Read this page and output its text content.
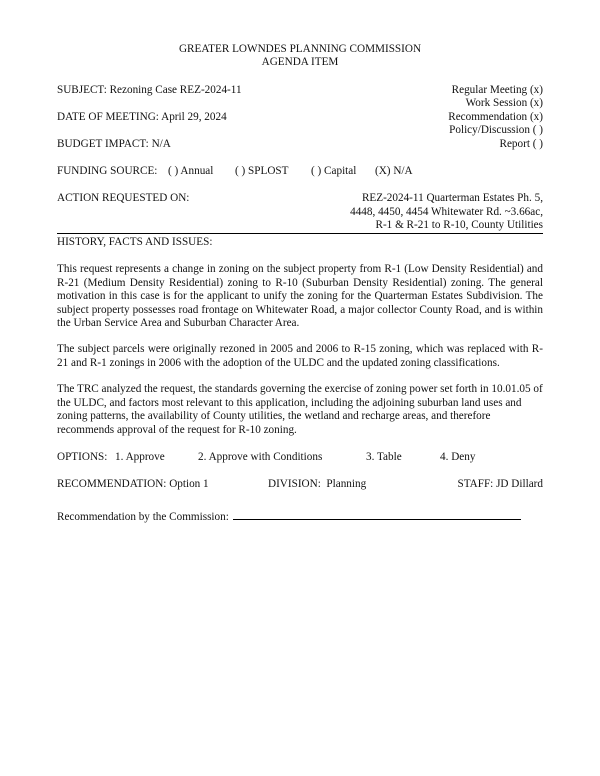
GREATER LOWNDES PLANNING COMMISSION
AGENDA ITEM
SUBJECT: Rezoning Case REZ-2024-11	Regular Meeting (x)
Work Session (x)
Recommendation (x)
Policy/Discussion ( )
Report ( )
DATE OF MEETING: April 29, 2024
BUDGET IMPACT: N/A
FUNDING SOURCE: ( ) Annual ( ) SPLOST ( ) Capital (X) N/A
ACTION REQUESTED ON:	REZ-2024-11 Quarterman Estates Ph. 5,
4448, 4450, 4454 Whitewater Rd. ~3.66ac,
R-1 & R-21 to R-10, County Utilities
HISTORY, FACTS AND ISSUES:
This request represents a change in zoning on the subject property from R-1 (Low Density Residential) and R-21 (Medium Density Residential) zoning to R-10 (Suburban Density Residential) zoning. The general motivation in this case is for the applicant to unify the zoning for the Quarterman Estates Subdivision. The subject property possesses road frontage on Whitewater Road, a major collector County Road, and is within the Urban Service Area and Suburban Character Area.
The subject parcels were originally rezoned in 2005 and 2006 to R-15 zoning, which was replaced with R-21 and R-1 zonings in 2006 with the adoption of the ULDC and the updated zoning classifications.
The TRC analyzed the request, the standards governing the exercise of zoning power set forth in 10.01.05 of the ULDC, and factors most relevant to this application, including the adjoining suburban land uses and zoning patterns, the availability of County utilities, the wetland and recharge areas, and therefore recommends approval of the request for R-10 zoning.
OPTIONS: 1. Approve	2. Approve with Conditions	3. Table	4. Deny
RECOMMENDATION: Option 1	DIVISION: Planning	STAFF: JD Dillard
Recommendation by the Commission:
